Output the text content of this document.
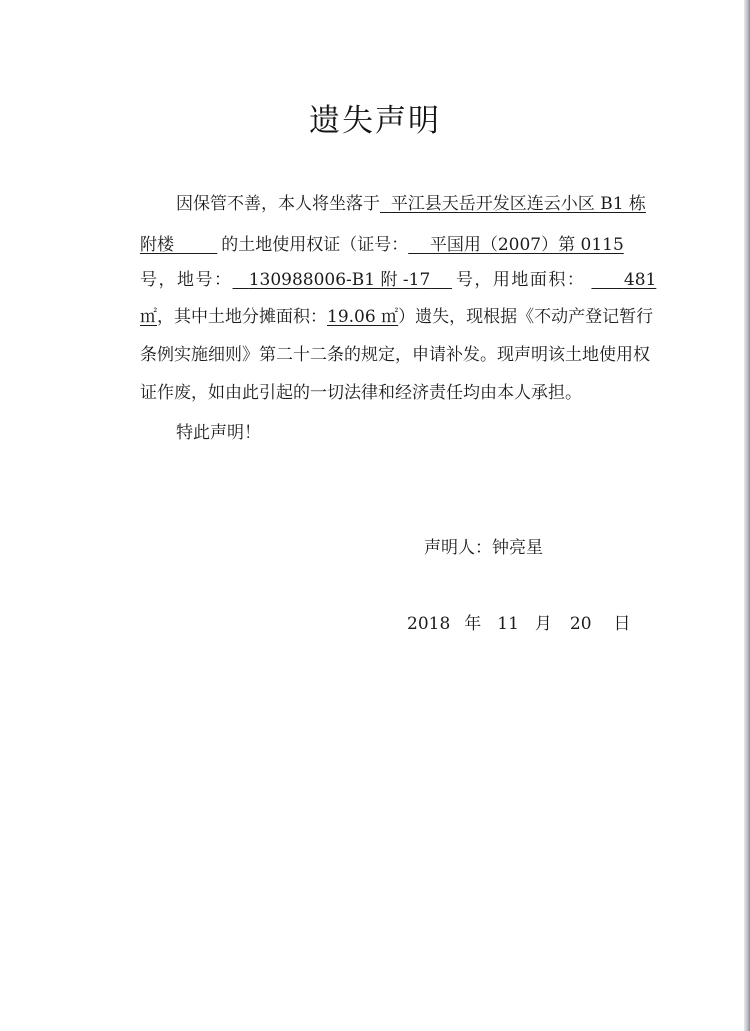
遗失声明
因保管不善，本人将坐落于 平江县天岳开发区连云小区 B1 栋
附楼	的土地使用权证（证号： 平国用（2007）第 0115
号，地号： 130988006-B1 附 -17 号，用地面积： 481
㎡，其中土地分摊面积：19.06 ㎡）遗失，现根据《不动产登记暂行
条例实施细则》第二十二条的规定，申请补发。现声明该土地使用权
证作废，如由此引起的一切法律和经济责任均由本人承担。
特此声明！
声明人：钟亮星
2018 年 11 月 20 日
